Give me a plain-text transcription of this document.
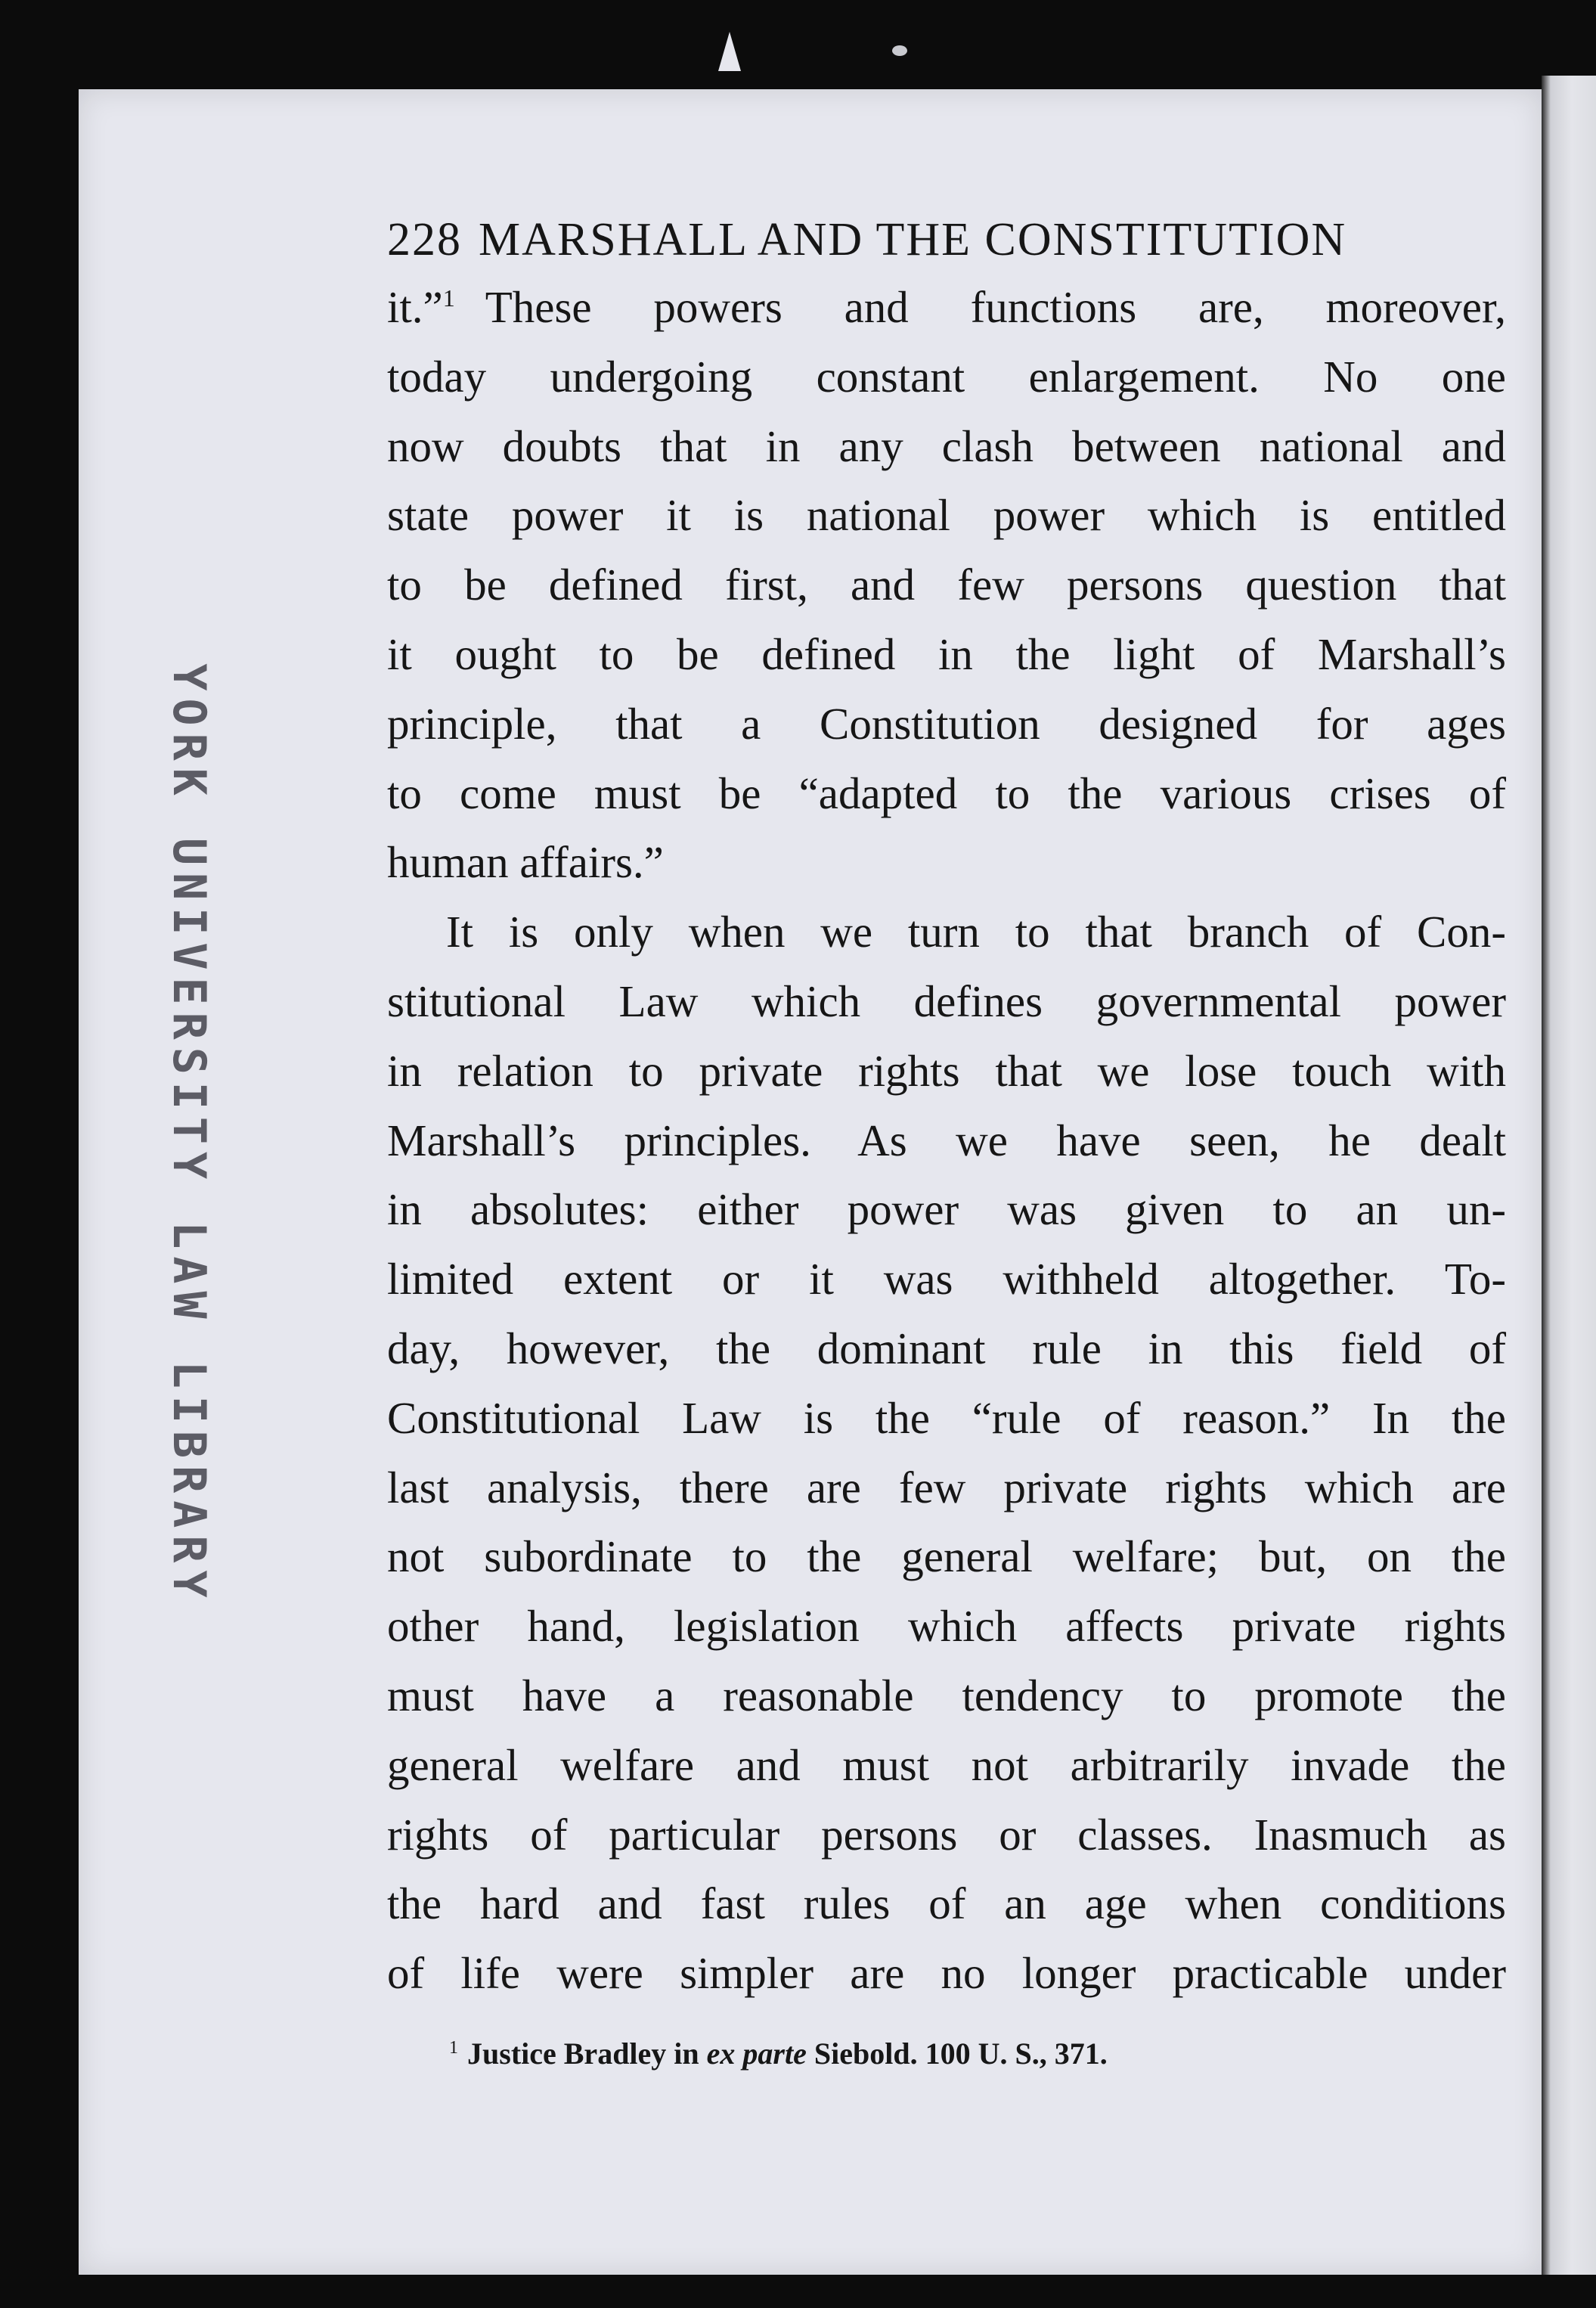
YORK UNIVERSITY LAW LIBRARY
228 MARSHALL AND THE CONSTITUTION
it.”$^1$ These powers and functions are, moreover,
today undergoing constant enlargement. No one
now doubts that in any clash between national and
state power it is national power which is entitled
to be defined first, and few persons question that
it ought to be defined in the light of Marshall’s
principle, that a Constitution designed for ages
to come must be “adapted to the various crises of
human affairs.”
It is only when we turn to that branch of Con-
stitutional Law which defines governmental power
in relation to private rights that we lose touch with
Marshall’s principles. As we have seen, he dealt
in absolutes: either power was given to an un-
limited extent or it was withheld altogether. To-
day, however, the dominant rule in this field of
Constitutional Law is the “rule of reason.” In the
last analysis, there are few private rights which are
not subordinate to the general welfare; but, on the
other hand, legislation which affects private rights
must have a reasonable tendency to promote the
general welfare and must not arbitrarily invade the
rights of particular persons or classes. Inasmuch as
the hard and fast rules of an age when conditions
of life were simpler are no longer practicable under
$^1$ Justice Bradley in ex parte Siebold. 100 U. S., 371.
